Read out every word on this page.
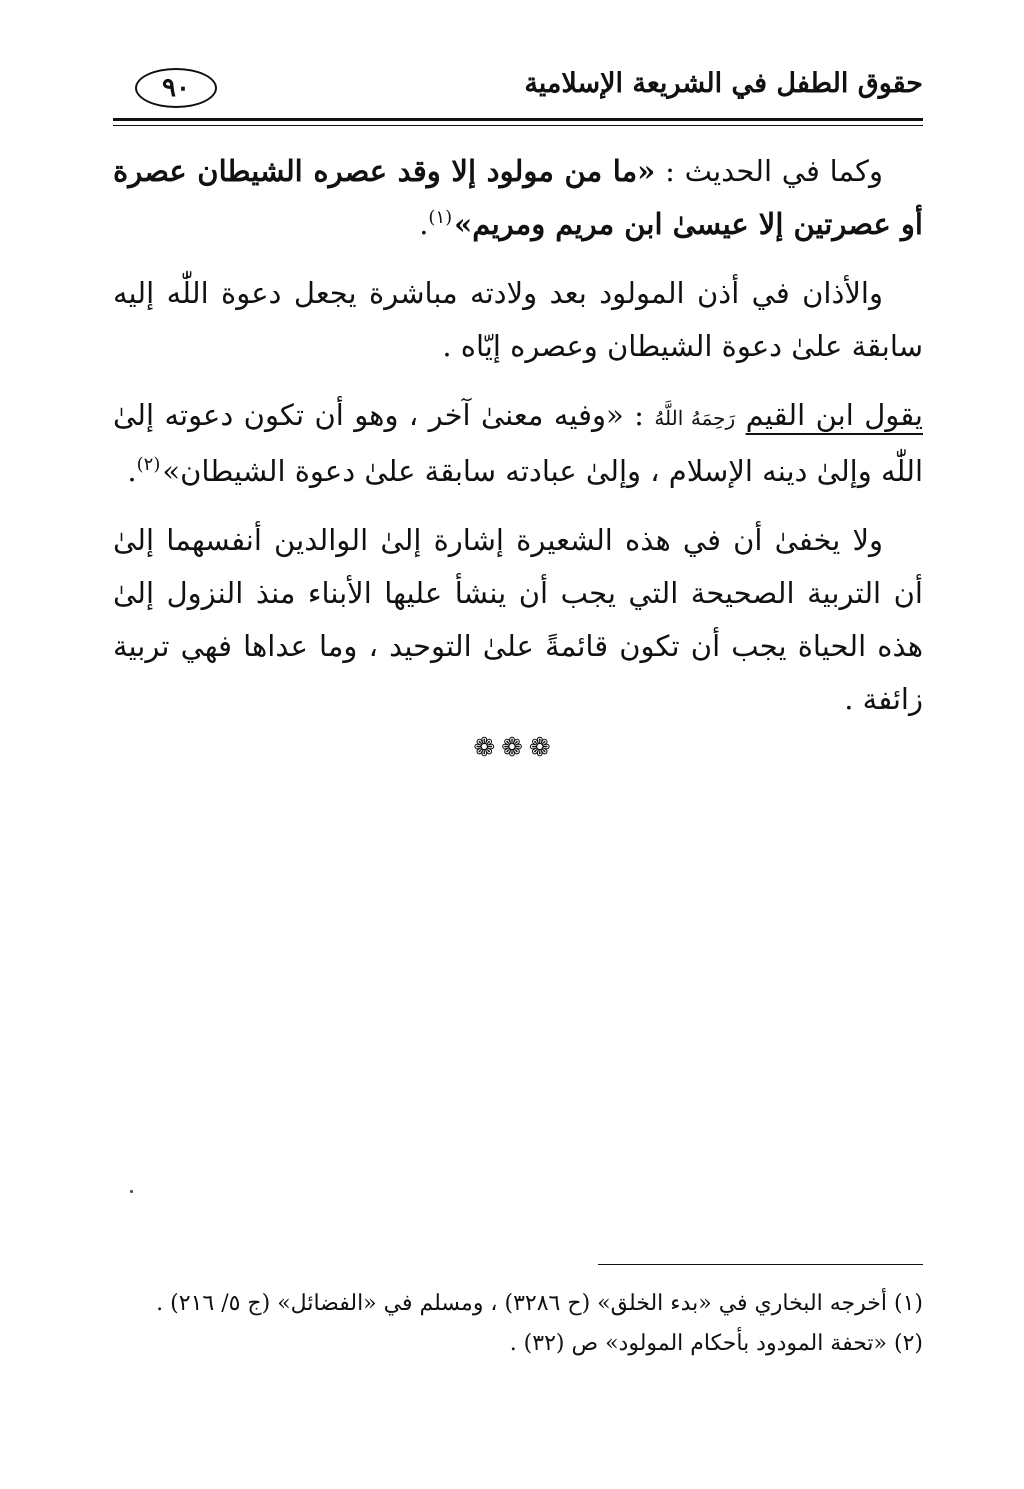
حقوق الطفل في الشريعة الإسلامية
٩٠

وكما في الحديث : «ما من مولود إلا وقد عصره الشيطان عصرة أو عصرتين إلا عيسىٰ ابن مريم ومريم»$^{(١)}$.

والأذان في أذن المولود بعد ولادته مباشرة يجعل دعوة اللّٰه إليه سابقة علىٰ دعوة الشيطان وعصره إيّاه .

يقول ابن القيم رَحِمَهُ اللَّهُ : «وفيه معنىٰ آخر ، وهو أن تكون دعوته إلىٰ اللّٰه وإلىٰ دينه الإسلام ، وإلىٰ عبادته سابقة علىٰ دعوة الشيطان»$^{(٢)}$.

ولا يخفىٰ أن في هذه الشعيرة إشارة إلىٰ الوالدين أنفسهما إلىٰ أن التربية الصحيحة التي يجب أن ينشأ عليها الأبناء منذ النزول إلىٰ هذه الحياة يجب أن تكون قائمةً علىٰ التوحيد ، وما عداها فهي تربية زائفة .

❁❁❁

(١) أخرجه البخاري في «بدء الخلق» (ح ٣٢٨٦) ، ومسلم في «الفضائل» (ج ٥/ ٢١٦) .

(٢) «تحفة المودود بأحكام المولود» ص (٣٢) .
